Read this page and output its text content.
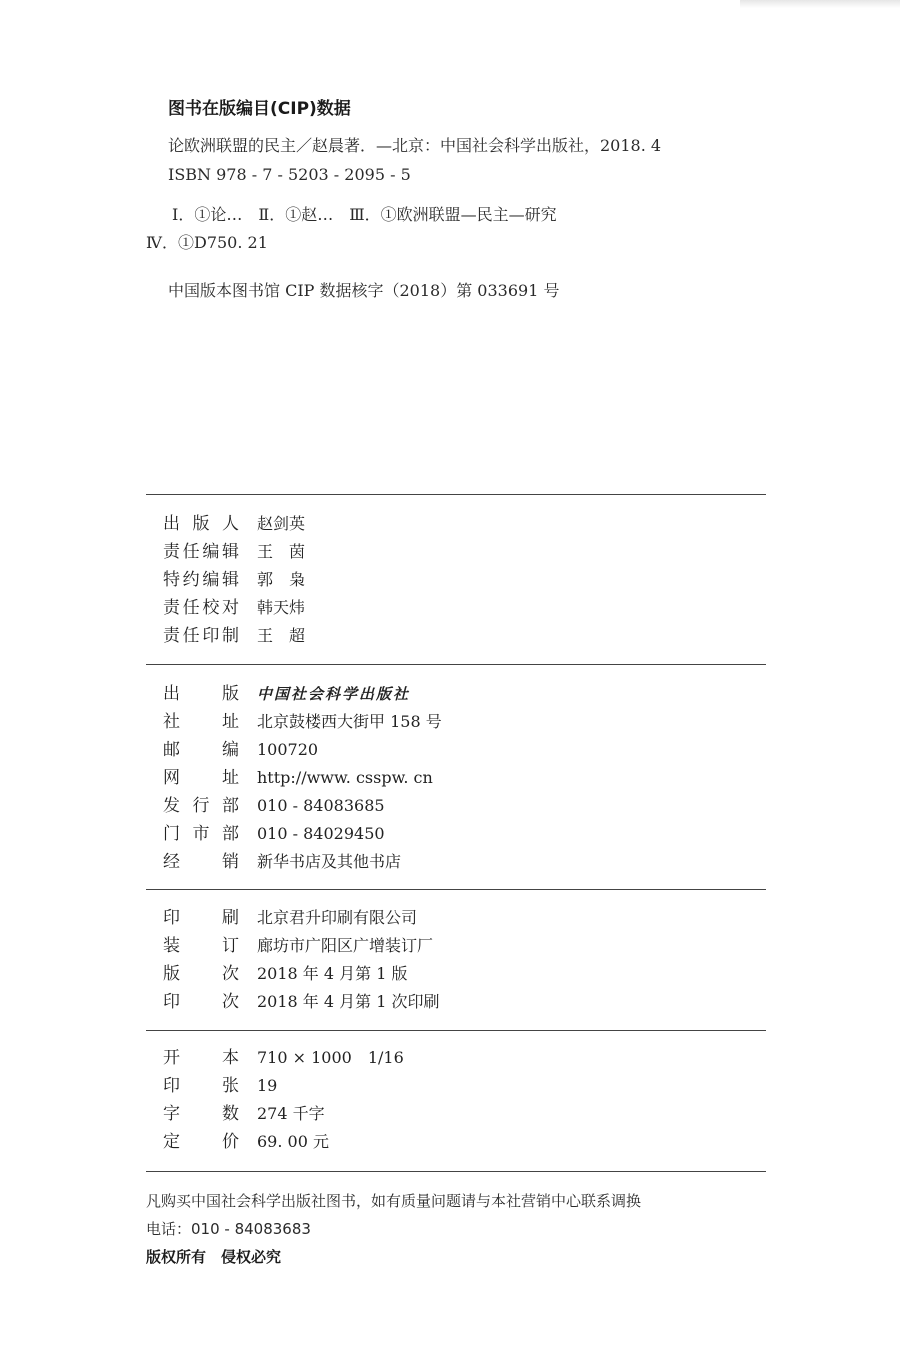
图书在版编目(CIP)数据
论欧洲联盟的民主／赵晨著．—北京：中国社会科学出版社，2018. 4
ISBN 978 - 7 - 5203 - 2095 - 5
Ⅰ．①论…　Ⅱ．①赵…　Ⅲ．①欧洲联盟—民主—研究
Ⅳ．①D750. 21
中国版本图书馆 CIP 数据核字（2018）第 033691 号
出 版 人 赵剑英
责 任 编 辑 王　茵
特 约 编 辑 郭　枭
责 任 校 对 韩天炜
责 任 印 制 王　超
出 版 中国社会科学出版社
社 址 北京鼓楼西大街甲 158 号
邮 编 100720
网 址 http://www. csspw. cn
发 行 部 010 - 84083685
门 市 部 010 - 84029450
经 销 新华书店及其他书店
印 刷 北京君升印刷有限公司
装 订 廊坊市广阳区广增装订厂
版 次 2018 年 4 月第 1 版
印 次 2018 年 4 月第 1 次印刷
开 本 710 × 1000　1/16
印 张 19
字 数 274 千字
定 价 69. 00 元
凡购买中国社会科学出版社图书，如有质量问题请与本社营销中心联系调换
电话：010 - 84083683
版权所有　侵权必究
